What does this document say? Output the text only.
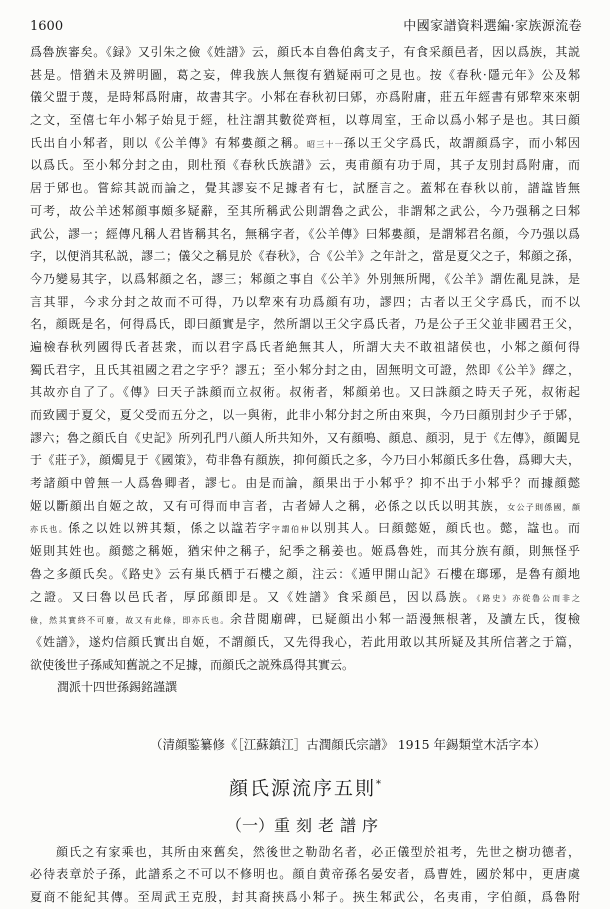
1600	中國家譜資料選編·家族源流卷
爲魯族審矣。《録》又引朱之儉《姓譜》云，顔氏本自魯伯禽支子，有食采顔邑者，因以爲族，其説
甚是。惜猶未及辨明圖，葛之妄，俾我族人無復有猶疑兩可之見也。按《春秋·隱元年》公及邾
儀父盟于蔑，是時邾爲附庸，故書其字。小邾在春秋初曰郳，亦爲附庸，莊五年經書有郳犂來來朝
之文，至僖七年小邾子始見于經，杜注謂其數從齊桓，以尊周室，王命以爲小邾子是也。其曰顔
氏出自小邾者，則以《公羊傳》有邾婁顔之稱。昭三十一孫以王父字爲氏，故謂顔爲字，而小邾因
以爲氏。至小邾分封之由，則杜預《春秋氏族譜》云，夷甫顔有功于周，其子友別封爲附庸，而
居于郳也。嘗綜其説而論之，覺其謬妄不足據者有七，試歷言之。蓋邾在春秋以前，譜諡皆無
可考，故公羊述邾顔事頗多疑辭，至其所稱武公則謂魯之武公，非謂邾之武公，今乃强稱之曰邾
武公，謬一；經傳凡稱人君皆稱其名，無稱字者，《公羊傳》曰邾婁顔，是謂邾君名顔，今乃强以爲
字，以便消其私説，謬二；儀父之稱見於《春秋》，合《公羊》之年計之，當是夏父之子，邾顔之孫，
今乃變易其字，以爲邾顔之名，謬三；邾顔之事自《公羊》外別無所聞，《公羊》謂佐亂見誅，是
言其罪，今求分封之故而不可得，乃以犂來有功爲顔有功，謬四；古者以王父字爲氏，而不以
名，顔既是名，何得爲氏，即曰顔實是字，然所謂以王父字爲氏者，乃是公子王父並非國君王父，
遍檢春秋列國得氏者甚衆，而以君字爲氏者絶無其人，所謂大夫不敢祖諸侯也，小邾之顔何得
獨氏君字，且氏其祖國之君之字乎？謬五；至小邾分封之由，固無明文可證，然即《公羊》繹之，
其故亦自了了。《傳》曰天子誅顔而立叔術。叔術者，邾顔弟也。又曰誅顔之時天子死，叔術起
而致國于夏父，夏父受而五分之，以一與術，此非小邾分封之所由來與，今乃曰顔別封少子于郳，
謬六；魯之顔氏自《史記》所列孔門八顔人所共知外，又有顔鳴、顔息、顔羽，見于《左傳》，顔闔見
于《莊子》，顔燭見于《國策》，苟非魯有顔族，抑何顔氏之多，今乃曰小邾顔氏多仕魯，爲卿大夫，
考諸顔中曾無一人爲魯卿者，謬七。由是而論，顔果出于小邾乎？抑不出于小邾乎？而據顔懿
姬以斷顔出自姬之故，又有可得而申言者，古者婦人之稱，必係之以氏以明其族，女公子則係國，顔
亦氏也。係之以姓以辨其類，係之以諡若字字謂伯仲以別其人。曰顔懿姬，顔氏也。懿，諡也。而
姬則其姓也。顔懿之稱姬，猶宋仲之稱子，紀季之稱姜也。姬爲魯姓，而其分族有顔，則無怪乎
魯之多顔氏矣。《路史》云有巢氏栖于石樓之顔，注云：《遁甲開山記》石樓在瑯琊，是魯有顔地
之證。又曰魯以邑氏者，厚邱顔即是。又《姓譜》食采顔邑，因以爲族。《路史》亦從魯公而非之
儉，然其實終不可廢，故又有此條，即亦氏也。余昔閲廟碑，已疑顔出小邾一語漫無根著，及讀左氏，復檢
《姓譜》，遂灼信顔氏實出自姬，不謂顔氏，又先得我心，若此用敢以其所疑及其所信著之于篇，
欲使後世子孫咸知舊説之不足據，而顔氏之説殊爲得其實云。
潤派十四世孫錫銘謹譔
（清顔鍳纂修《［江蘇鎮江］古潤顔氏宗譜》 1915 年錫類堂木活字本）
顔氏源流序五則*
（一）重刻老譜序
顔氏之有家乘也，其所由來舊矣，然後世之勒劭名者，必正儀型於祖考，先世之樹功德者，
必待表章於子孫，此譜系之不可以不修明也。顔自黄帝孫名晏安者，爲曹姓，國於邾中，更唐虞
夏商不能紀其傳。至周武王克殷，封其裔挾爲小邾子。挾生邾武公，名夷甫，字伯顔，爲魯附
